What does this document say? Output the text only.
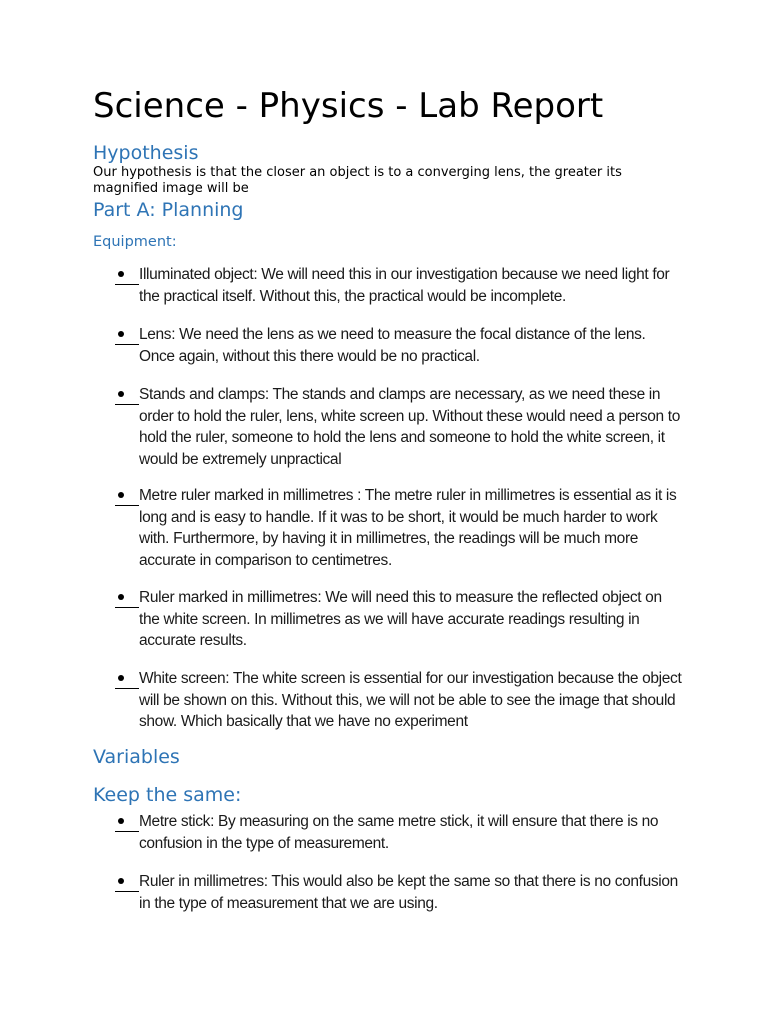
Science - Physics - Lab Report
Hypothesis

Our hypothesis is that the closer an object is to a converging lens, the greater its magnified image will be

Part A: Planning
Equipment:
Illuminated object: We will need this in our investigation because we need light for the practical itself. Without this, the practical would be incomplete.
Lens: We need the lens as we need to measure the focal distance of the lens. Once again, without this there would be no practical.
Stands and clamps: The stands and clamps are necessary, as we need these in order to hold the ruler, lens, white screen up. Without these would need a person to hold the ruler, someone to hold the lens and someone to hold the white screen, it would be extremely unpractical
Metre ruler marked in millimetres : The metre ruler in millimetres is essential as it is long and is easy to handle. If it was to be short, it would be much harder to work with. Furthermore, by having it in millimetres, the readings will be much more accurate in comparison to centimetres.
Ruler marked in millimetres: We will need this to measure the reflected object on the white screen. In millimetres as we will have accurate readings resulting in accurate results.
White screen: The white screen is essential for our investigation because the object will be shown on this. Without this, we will not be able to see the image that should show. Which basically that we have no experiment
Variables
Keep the same:
Metre stick: By measuring on the same metre stick, it will ensure that there is no confusion in the type of measurement.
Ruler in millimetres: This would also be kept the same so that there is no confusion in the type of measurement that we are using.
